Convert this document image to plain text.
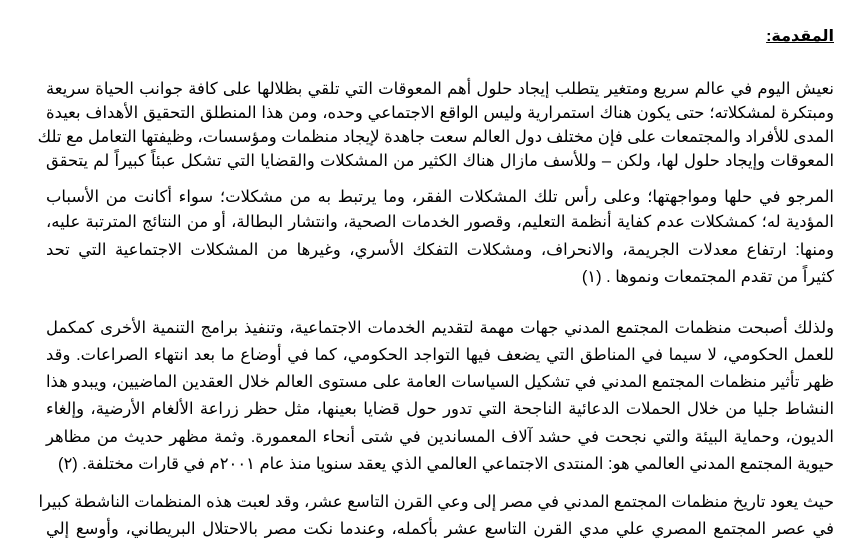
المقدمة:
نعيش اليوم في عالم سريع ومتغير يتطلب إيجاد حلول أهم المعوقات التي تلقي بظلالها على كافة جوانب الحياة سريعة
ومبتكرة لمشكلاته؛ حتى يكون هناك استمرارية وليس الواقع الاجتماعي وحده، ومن هذا المنطلق التحقيق الأهداف بعيدة
المدى للأفراد والمجتمعات على فإن مختلف دول العالم سعت جاهدة لإيجاد منظمات ومؤسسات، وظيفتها التعامل مع تلك
المعوقات وإيجاد حلول لها، ولكن – وللأسف مازال هناك الكثير من المشكلات والقضايا التي تشكل عبئاً كبيراً لم يتحقق
المرجو في حلها ومواجهتها؛ وعلى رأس تلك المشكلات الفقر، وما يرتبط به من مشكلات؛ سواء أكانت من الأسباب
المؤدية له؛ كمشكلات عدم كفاية أنظمة التعليم، وقصور الخدمات الصحية، وانتشار البطالة، أو من النتائج المترتبة عليه،
ومنها: ارتفاع معدلات الجريمة، والانحراف، ومشكلات التفكك الأسري، وغيرها من المشكلات الاجتماعية التي تحد
كثيراً من تقدم المجتمعات ونموها . (١)
ولذلك أصبحت منظمات المجتمع المدني جهات مهمة لتقديم الخدمات الاجتماعية، وتنفيذ برامج التنمية الأخرى كمكمل
للعمل الحكومي، لا سيما في المناطق التي يضعف فيها التواجد الحكومي، كما في أوضاع ما بعد انتهاء الصراعات. وقد
ظهر تأثير منظمات المجتمع المدني في تشكيل السياسات العامة على مستوى العالم خلال العقدين الماضيين، ويبدو هذا
النشاط جليا من خلال الحملات الدعائية الناجحة التي تدور حول قضايا بعينها، مثل حظر زراعة الألغام الأرضية، وإلغاء
الديون، وحماية البيئة والتي نجحت في حشد آلاف المساندين في شتى أنحاء المعمورة. وثمة مظهر حديث من مظاهر
حيوية المجتمع المدني العالمي هو: المنتدى الاجتماعي العالمي الذي يعقد سنويا منذ عام ٢٠٠١م في قارات مختلفة. (٢)
حيث يعود تاريخ منظمات المجتمع المدني في مصر إلى وعي القرن التاسع عشر، وقد لعبت هذه المنظمات الناشطة كبيرا
في عصر المجتمع المصري علي مدي القرن التاسع عشر بأكمله، وعندما نكت مصر بالاحتلال البريطاني، وأوسع إلي
